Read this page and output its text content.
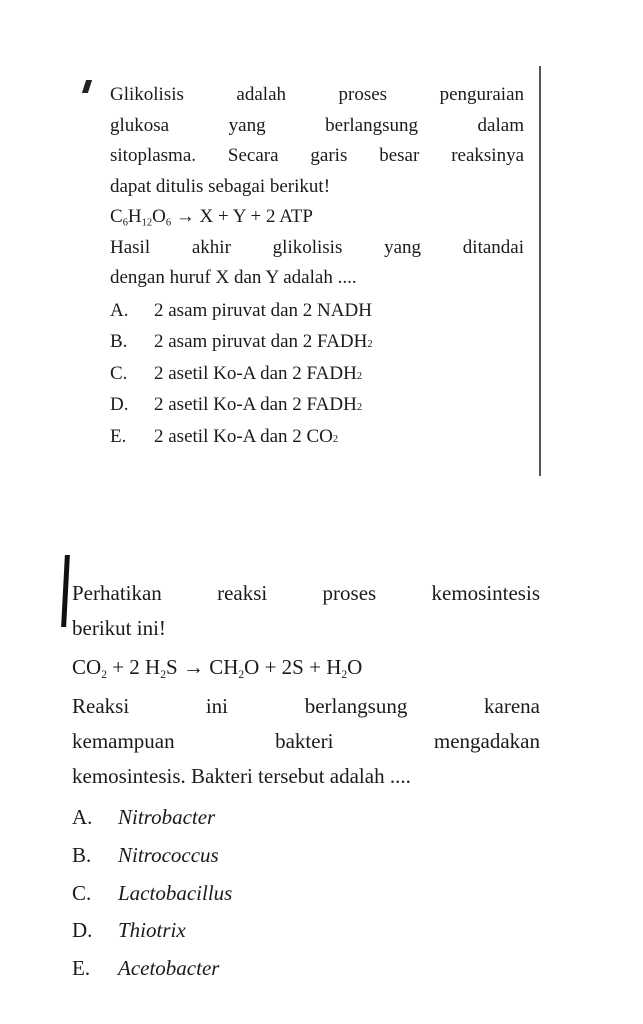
Glikolisis adalah proses penguraian
glukosa yang berlangsung dalam
sitoplasma. Secara garis besar reaksinya
dapat ditulis sebagai berikut!
$C_6H_{12}O_6 \to X + Y + 2$ ATP
Hasil akhir glikolisis yang ditandai
dengan huruf X dan Y adalah ....
A.	2 asam piruvat dan 2 NADH
B.	2 asam piruvat dan 2 FADH 2
C.	2 asetil Ko-A dan 2 FADH 2
D.	2 asetil Ko-A dan 2 FADH 2
E.	2 asetil Ko-A dan 2 CO 2
Perhatikan reaksi proses kemosintesis
berikut ini!
$CO_2 + 2$ $H_2S \to CH_2O + 2S + H_2O$
Reaksi ini berlangsung karena
kemampuan bakteri mengadakan
kemosintesis. Bakteri tersebut adalah ....
A.	Nitrobacter
B.	Nitrococcus
C.	Lactobacillus
D.	Thiotrix
E.	Acetobacter
